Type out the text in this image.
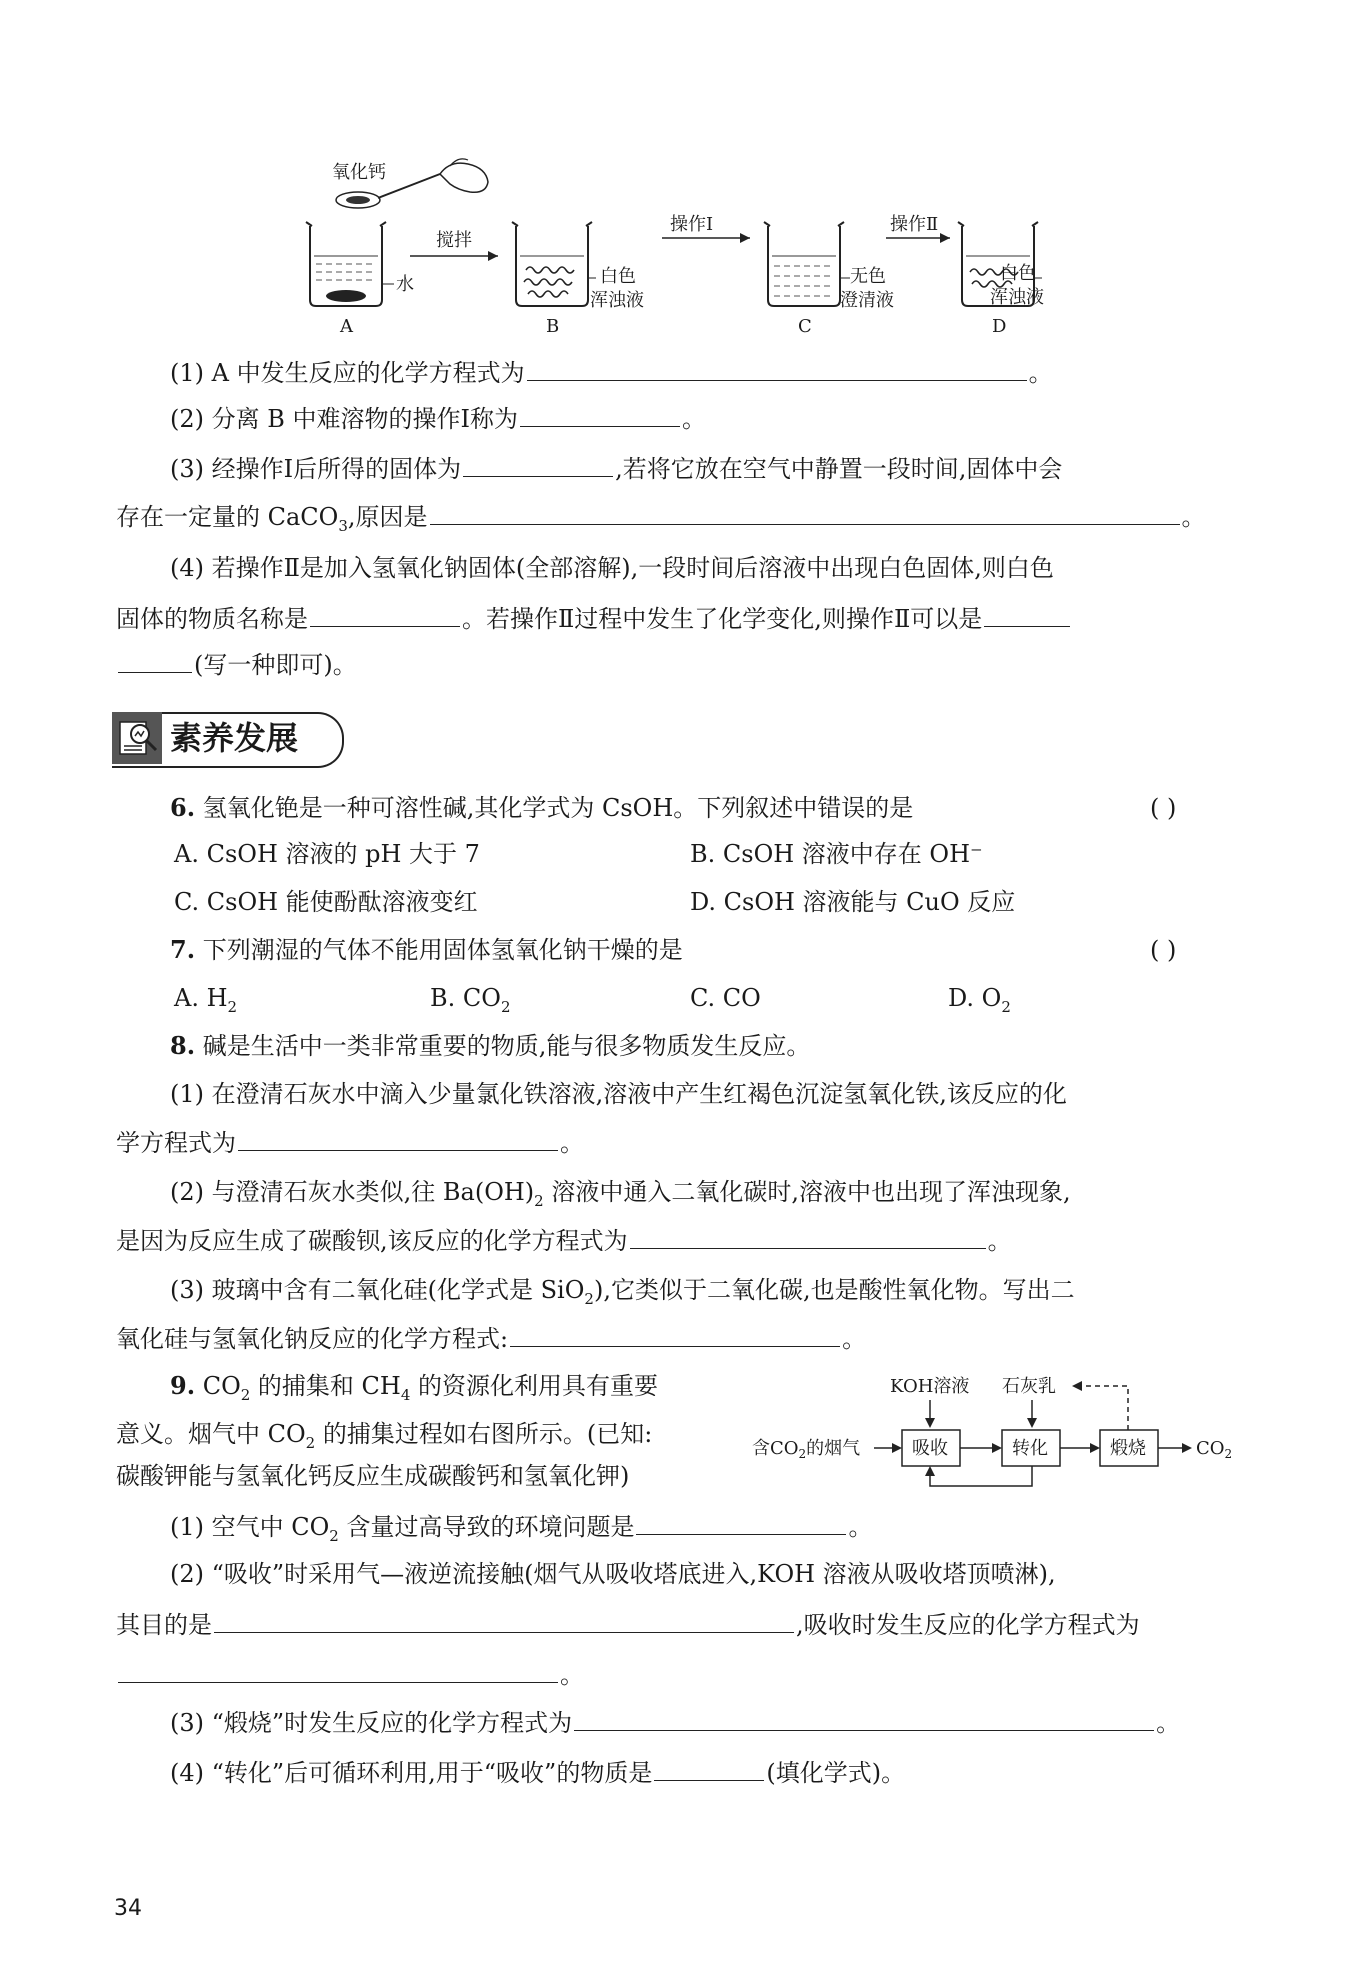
氧化钙
水
A
搅拌
白色
浑浊液
B
操作Ⅰ
无色
澄清液
C
操作Ⅱ
D
白色
浑浊液
(1) A 中发生反应的化学方程式为	。
(2) 分离 B 中难溶物的操作Ⅰ称为	。
(3) 经操作Ⅰ后所得的固体为	,若将它放在空气中静置一段时间,固体中会
存在一定量的 CaCO$_3$,原因是	。
(4) 若操作Ⅱ是加入氢氧化钠固体(全部溶解),一段时间后溶液中出现白色固体,则白色
固体的物质名称是	。若操作Ⅱ过程中发生了化学变化,则操作Ⅱ可以是
(写一种即可)。
素养发展
6. 氢氧化铯是一种可溶性碱,其化学式为 CsOH。下列叙述中错误的是	( )
A. CsOH 溶液的 pH 大于 7	B. CsOH 溶液中存在 OH⁻
C. CsOH 能使酚酞溶液变红	D. CsOH 溶液能与 CuO 反应
7. 下列潮湿的气体不能用固体氢氧化钠干燥的是	( )
A. $H_2$	B. $CO_2$	C. CO	D. $O_2$
8. 碱是生活中一类非常重要的物质,能与很多物质发生反应。
(1) 在澄清石灰水中滴入少量氯化铁溶液,溶液中产生红褐色沉淀氢氧化铁,该反应的化
学方程式为	。
(2) 与澄清石灰水类似,往 $Ba(OH)_2$ 溶液中通入二氧化碳时,溶液中也出现了浑浊现象,
是因为反应生成了碳酸钡,该反应的化学方程式为	。
(3) 玻璃中含有二氧化硅(化学式是 SiO$_2$),它类似于二氧化碳,也是酸性氧化物。写出二
氧化硅与氢氧化钠反应的化学方程式:	。
9. $CO_2$ 的捕集和 $CH_4$ 的资源化利用具有重要
意义。烟气中 $CO_2$ 的捕集过程如右图所示。(已知:
碳酸钾能与氢氧化钙反应生成碳酸钙和氢氧化钾)
KOH溶液 石灰乳
含$CO_2$的烟气	吸收	转化	煅烧	$CO_2$
(1) 空气中 $CO_2$ 含量过高导致的环境问题是	。
(2) “吸收”时采用气—液逆流接触(烟气从吸收塔底进入,KOH 溶液从吸收塔顶喷淋),
其目的是	,吸收时发生反应的化学方程式为
。
(3) “煅烧”时发生反应的化学方程式为	。
(4) “转化”后可循环利用,用于“吸收”的物质是	(填化学式)。
34
